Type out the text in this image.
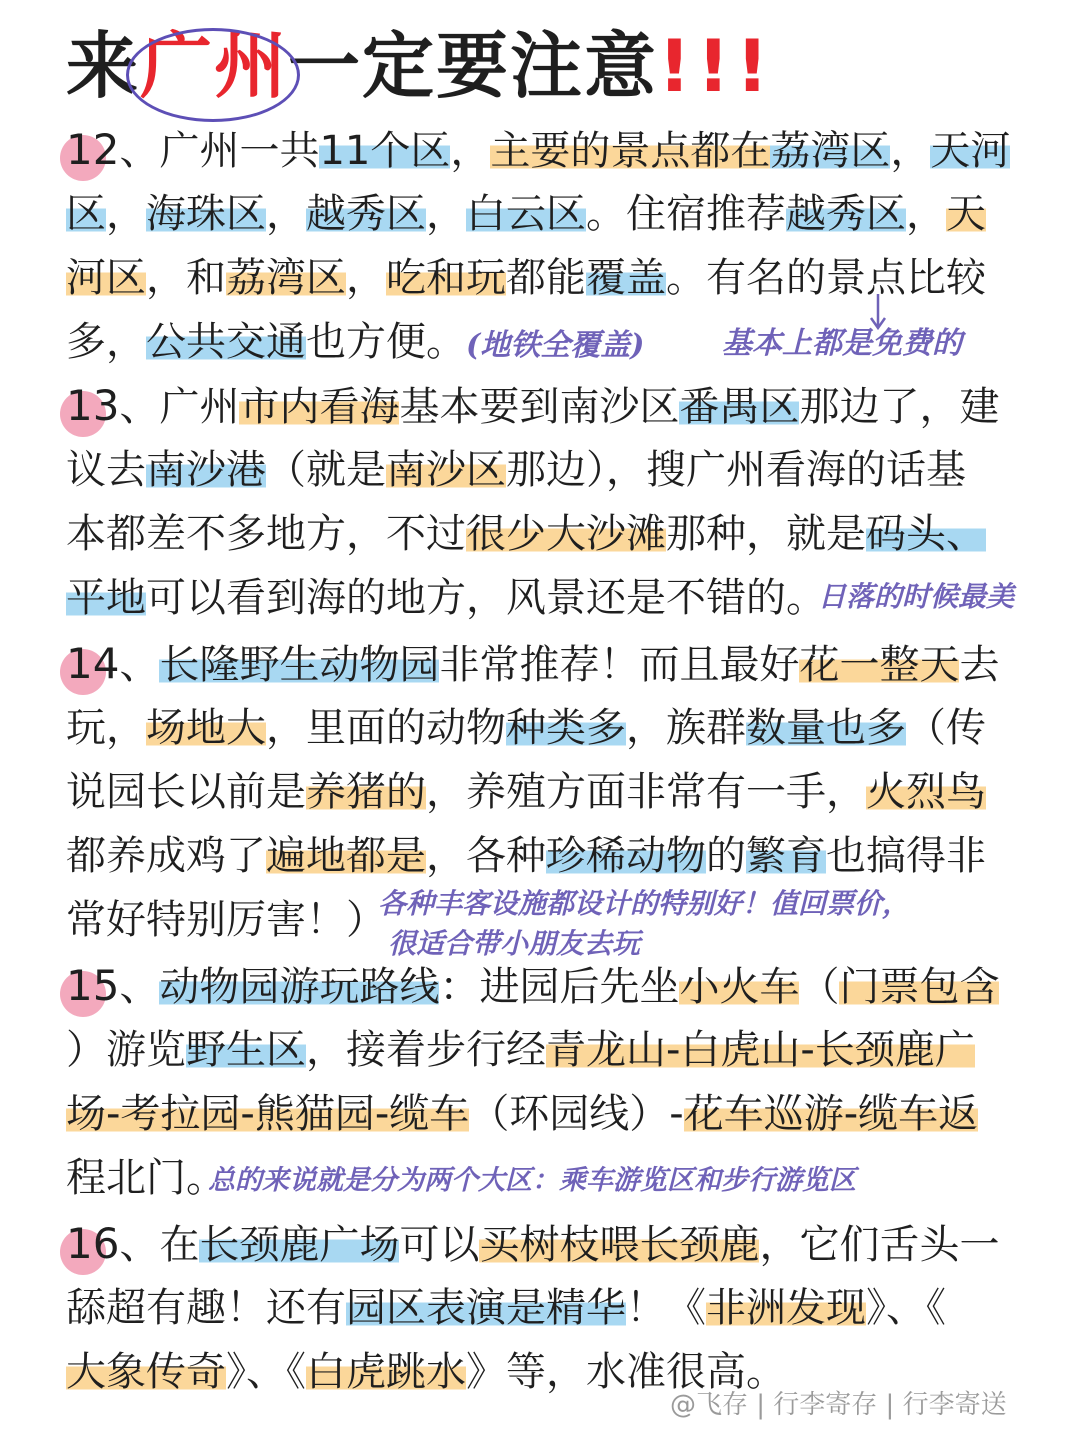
来广州
一定要注意!!!
12、广州一共11个区，主要的景点都在荔湾区，天河
区，海珠区，越秀区，白云区。住宿推荐越秀区，天
河区，和荔湾区，吃和玩都能覆盖。有名的景点比较
多，公共交通也方便。(地铁全覆盖)
13、广州市内看海基本要到南沙区番禺区那边了，建
议去南沙港（就是南沙区那边），搜广州看海的话基
本都差不多地方，不过很少大沙滩那种，就是码头、
平地可以看到海的地方，风景还是不错的。
14、长隆野生动物园非常推荐！而且最好花一整天去
玩，场地大，里面的动物种类多，族群数量也多（传
说园长以前是养猪的，养殖方面非常有一手，火烈鸟
都养成鸡了遍地都是，各种珍稀动物的繁育也搞得非
常好特别厉害！）
15、动物园游玩路线：进园后先坐小火车（门票包含
）游览野生区，接着步行经青龙山-白虎山-长颈鹿广
场-考拉园-熊猫园-缆车（环园线）-花车巡游-缆车返
程北门。
16、在长颈鹿广场可以买树枝喂长颈鹿，它们舌头一
舔超有趣！还有园区表演是精华！《非洲发现》、《
大象传奇》、《白虎跳水》等，水准很高。
基本上都是免费的
日落的时候最美
各种丰客设施都设计的特别好！值回票价，
很适合带小朋友去玩
总的来说就是分为两个大区：乘车游览区和步行游览区
@飞存 | 行李寄存 | 行李寄送
